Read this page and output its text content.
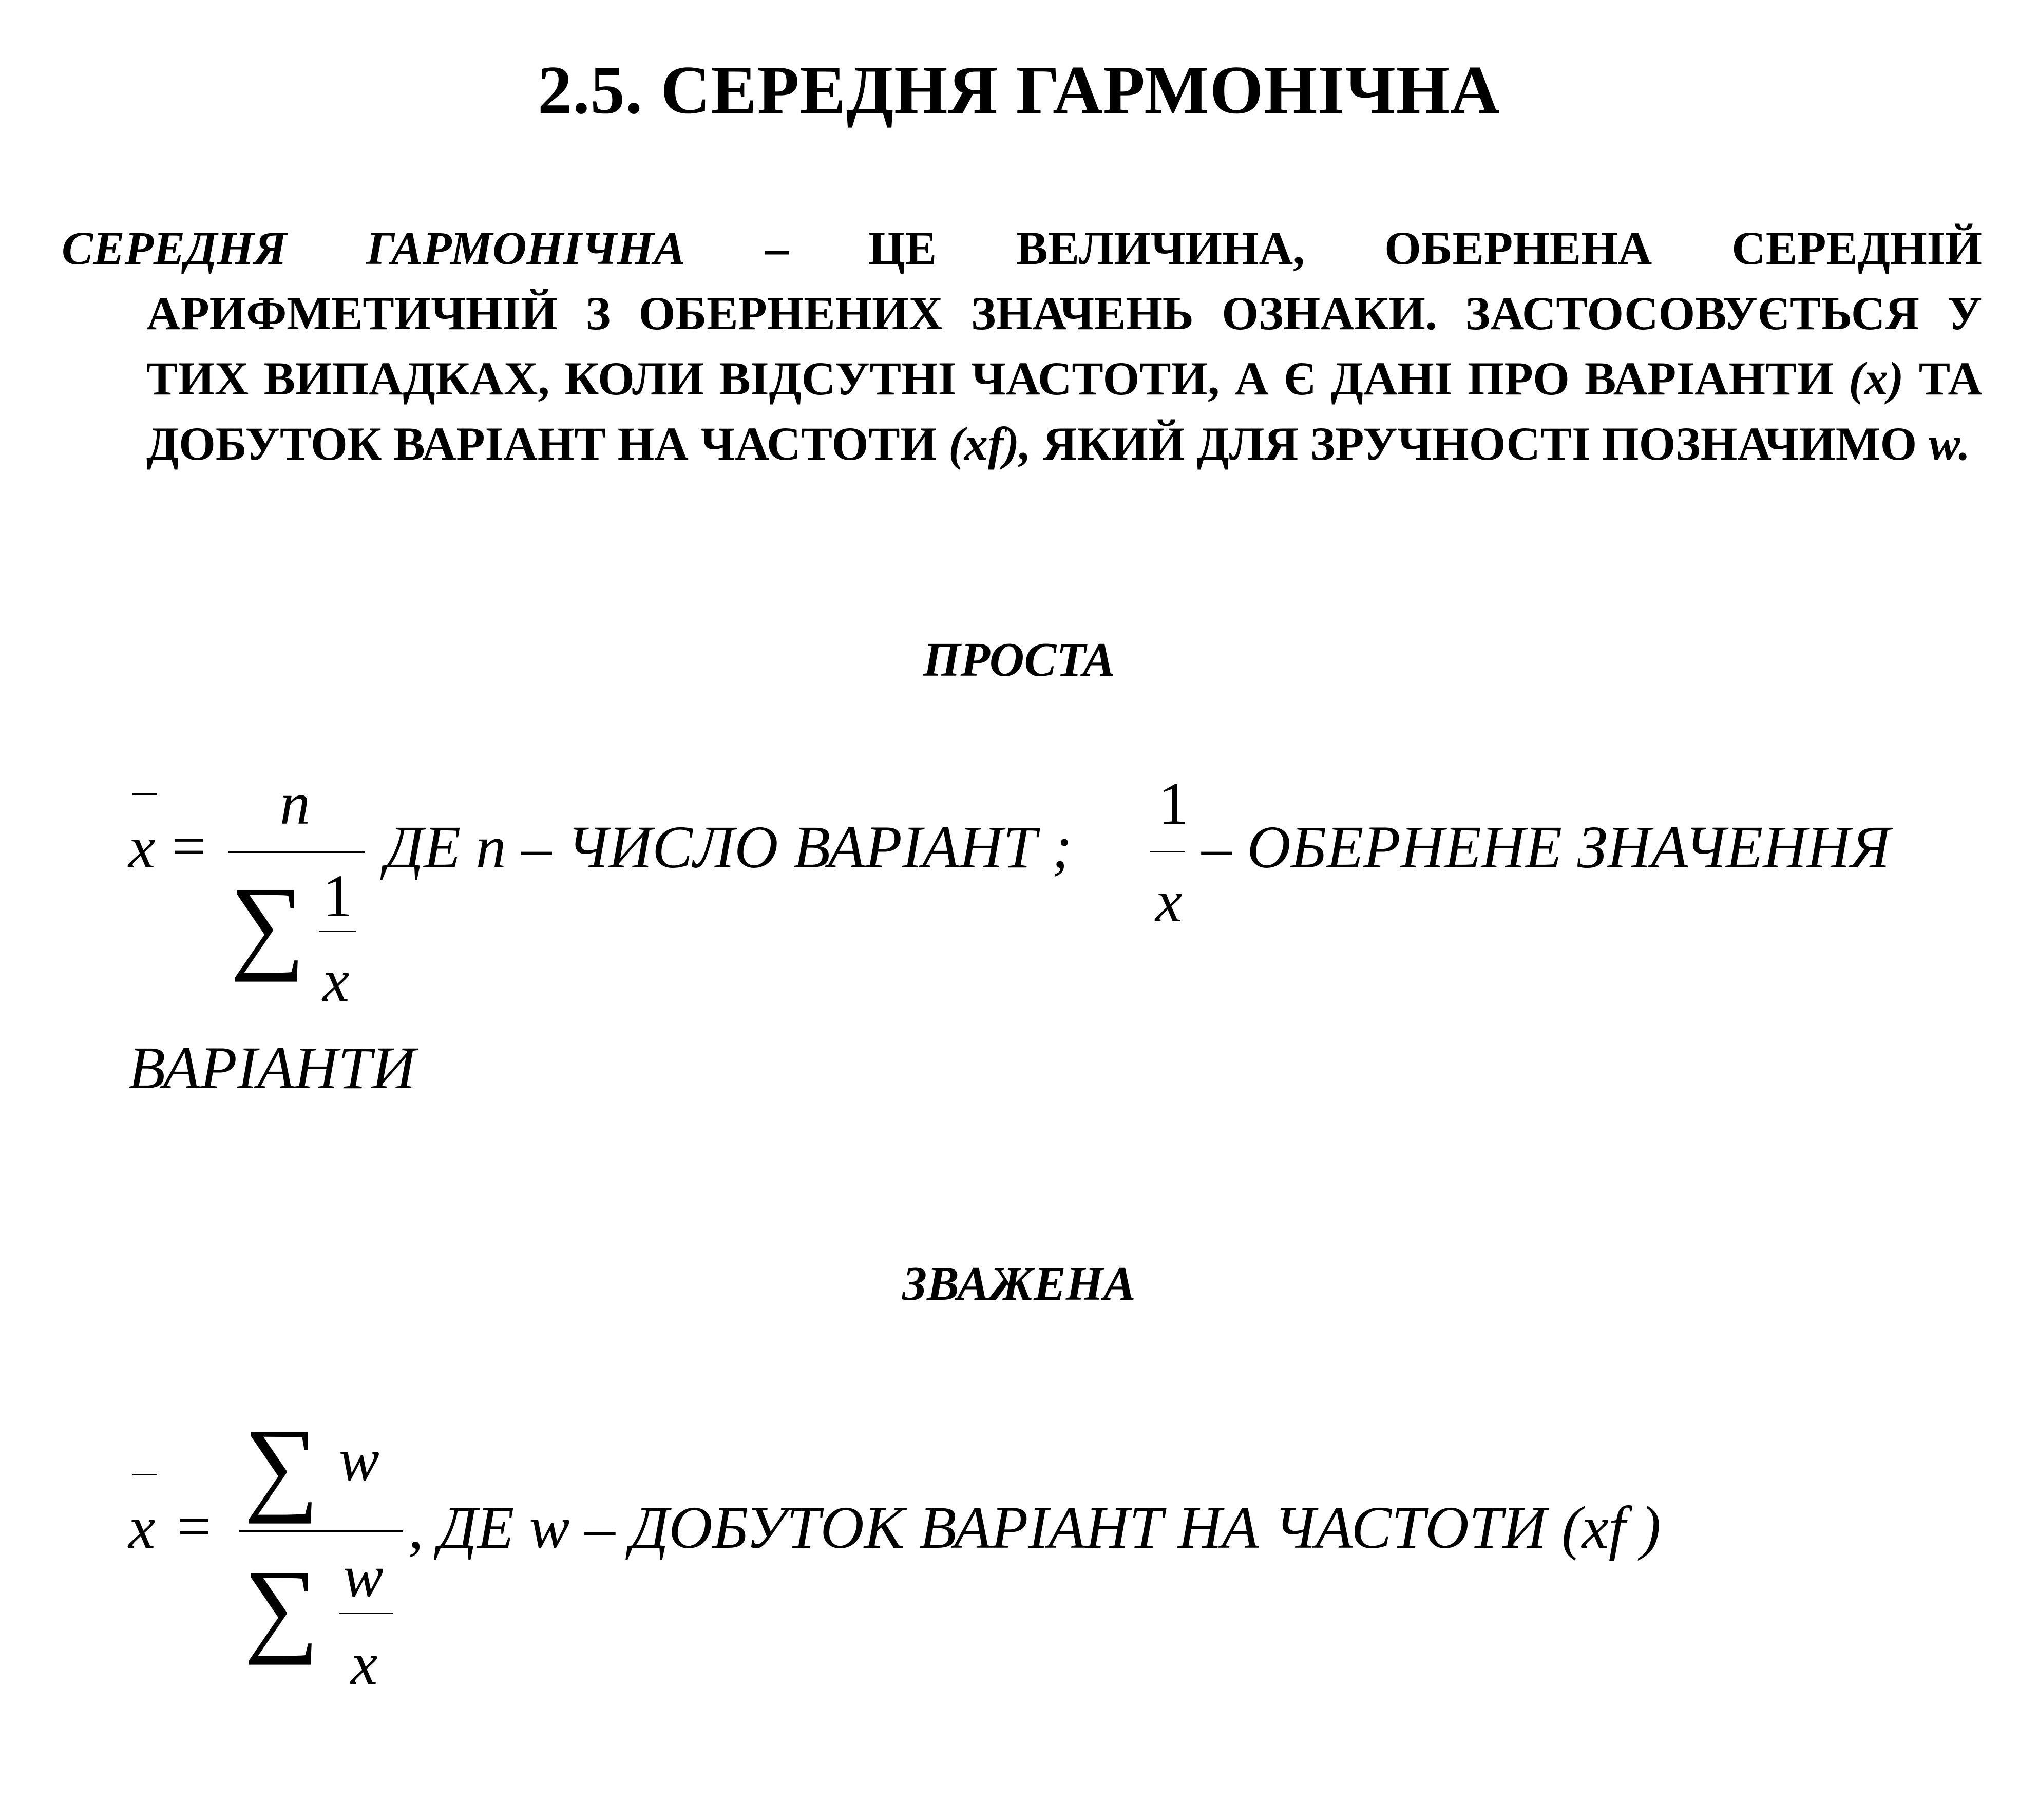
2.5. СЕРЕДНЯ ГАРМОНІЧНА
СЕРЕДНЯ ГАРМОНІЧНА – ЦЕ ВЕЛИЧИНА, ОБЕРНЕНА СЕРЕДНІЙ АРИФМЕТИЧНІЙ З ОБЕРНЕНИХ ЗНАЧЕНЬ ОЗНАКИ. ЗАСТОСОВУЄТЬСЯ У ТИХ ВИПАДКАХ, КОЛИ ВІДСУТНІ ЧАСТОТИ, А Є ДАНІ ПРО ВАРІАНТИ (x) ТА ДОБУТОК ВАРІАНТ НА ЧАСТОТИ (xf), ЯКИЙ ДЛЯ ЗРУЧНОСТІ ПОЗНАЧИМО w.
ПРОСТА
x =
n
∑ 1
x
ДЕ n – ЧИСЛО ВАРІАНТ ;
1
x
– ОБЕРНЕНЕ ЗНАЧЕННЯ
ВАРІАНТИ
ЗВАЖЕНА
x =
∑ w
∑ w
x
, ДЕ w – ДОБУТОК ВАРІАНТ НА ЧАСТОТИ (xf )
